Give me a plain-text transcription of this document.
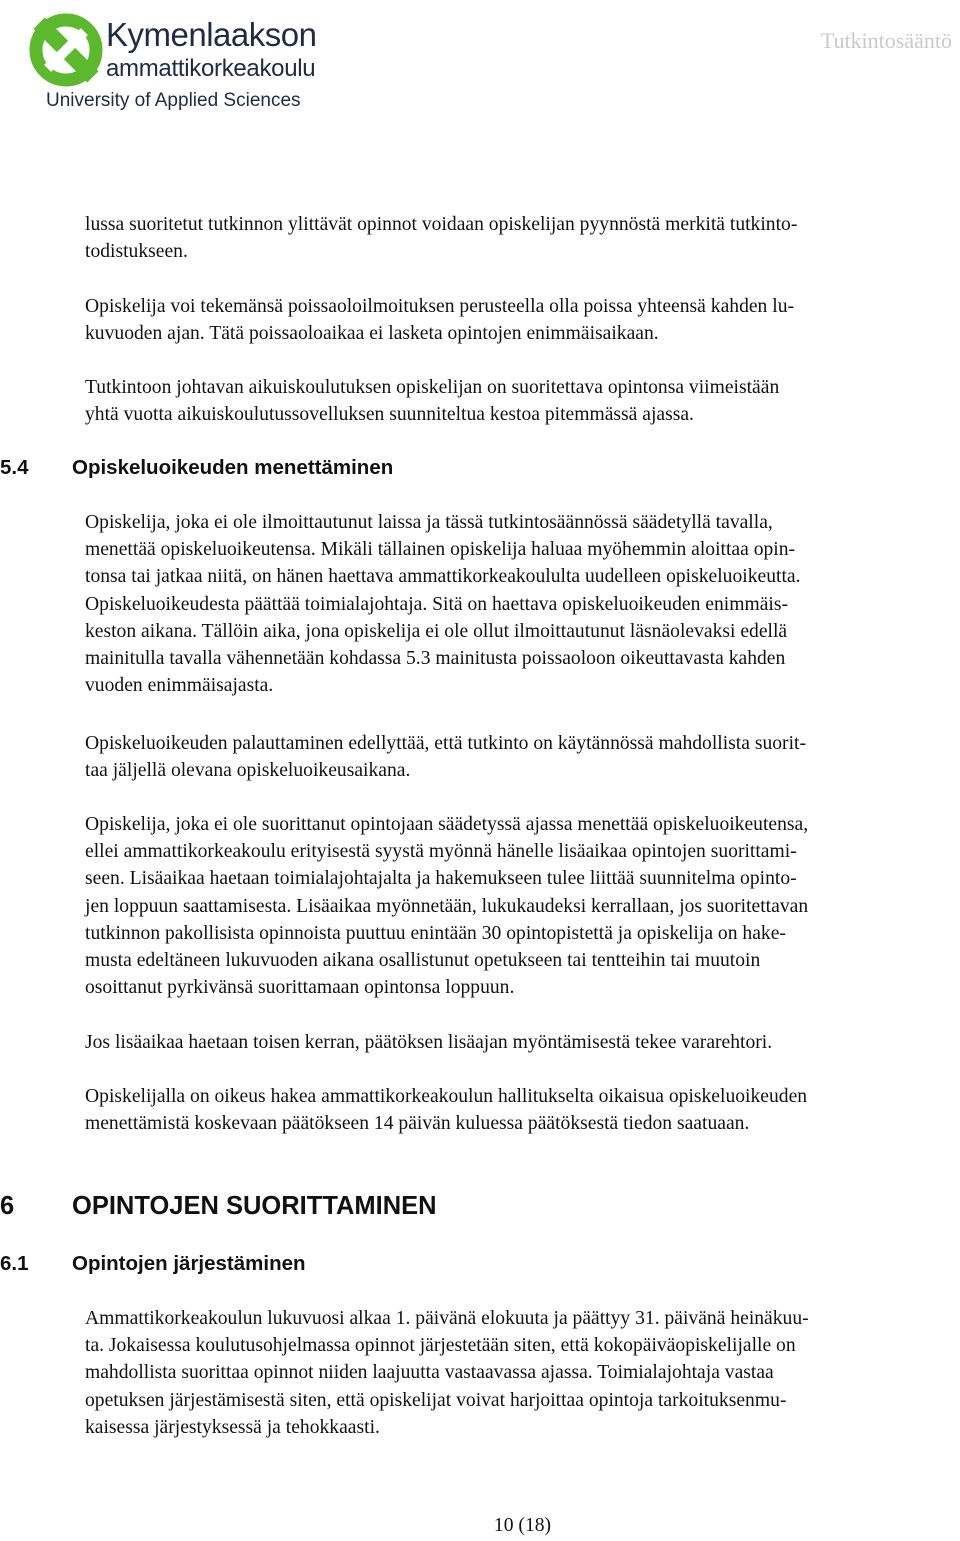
Kymenlaakson
ammattikorkeakoulu
University of Applied Sciences
Tutkintosääntö
lussa suoritetut tutkinnon ylittävät opinnot voidaan opiskelijan pyynnöstä merkitä tutkinto-
todistukseen.
Opiskelija voi tekemänsä poissaoloilmoituksen perusteella olla poissa yhteensä kahden lu-
kuvuoden ajan. Tätä poissaoloaikaa ei lasketa opintojen enimmäisaikaan.
Tutkintoon johtavan aikuiskoulutuksen opiskelijan on suoritettava opintonsa viimeistään
yhtä vuotta aikuiskoulutussovelluksen suunniteltua kestoa pitemmässä ajassa.
5.4 Opiskeluoikeuden menettäminen
Opiskelija, joka ei ole ilmoittautunut laissa ja tässä tutkintosäännössä säädetyllä tavalla,
menettää opiskeluoikeutensa. Mikäli tällainen opiskelija haluaa myöhemmin aloittaa opin-
tonsa tai jatkaa niitä, on hänen haettava ammattikorkeakoululta uudelleen opiskeluoikeutta.
Opiskeluoikeudesta päättää toimialajohtaja. Sitä on haettava opiskeluoikeuden enimmäis-
keston aikana. Tällöin aika, jona opiskelija ei ole ollut ilmoittautunut läsnäolevaksi edellä
mainitulla tavalla vähennetään kohdassa 5.3 mainitusta poissaoloon oikeuttavasta kahden
vuoden enimmäisajasta.
Opiskeluoikeuden palauttaminen edellyttää, että tutkinto on käytännössä mahdollista suorit-
taa jäljellä olevana opiskeluoikeusaikana.
Opiskelija, joka ei ole suorittanut opintojaan säädetyssä ajassa menettää opiskeluoikeutensa,
ellei ammattikorkeakoulu erityisestä syystä myönnä hänelle lisäaikaa opintojen suorittami-
seen. Lisäaikaa haetaan toimialajohtajalta ja hakemukseen tulee liittää suunnitelma opinto-
jen loppuun saattamisesta. Lisäaikaa myönnetään, lukukaudeksi kerrallaan, jos suoritettavan
tutkinnon pakollisista opinnoista puuttuu enintään 30 opintopistettä ja opiskelija on hake-
musta edeltäneen lukuvuoden aikana osallistunut opetukseen tai tentteihin tai muutoin
osoittanut pyrkivänsä suorittamaan opintonsa loppuun.
Jos lisäaikaa haetaan toisen kerran, päätöksen lisäajan myöntämisestä tekee vararehtori.
Opiskelijalla on oikeus hakea ammattikorkeakoulun hallitukselta oikaisua opiskeluoikeuden
menettämistä koskevaan päätökseen 14 päivän kuluessa päätöksestä tiedon saatuaan.
6 OPINTOJEN SUORITTAMINEN
6.1 Opintojen järjestäminen
Ammattikorkeakoulun lukuvuosi alkaa 1. päivänä elokuuta ja päättyy 31. päivänä heinäkuu-
ta. Jokaisessa koulutusohjelmassa opinnot järjestetään siten, että kokopäiväopiskelijalle on
mahdollista suorittaa opinnot niiden laajuutta vastaavassa ajassa. Toimialajohtaja vastaa
opetuksen järjestämisestä siten, että opiskelijat voivat harjoittaa opintoja tarkoituksenmu-
kaisessa järjestyksessä ja tehokkaasti.
10 (18)
